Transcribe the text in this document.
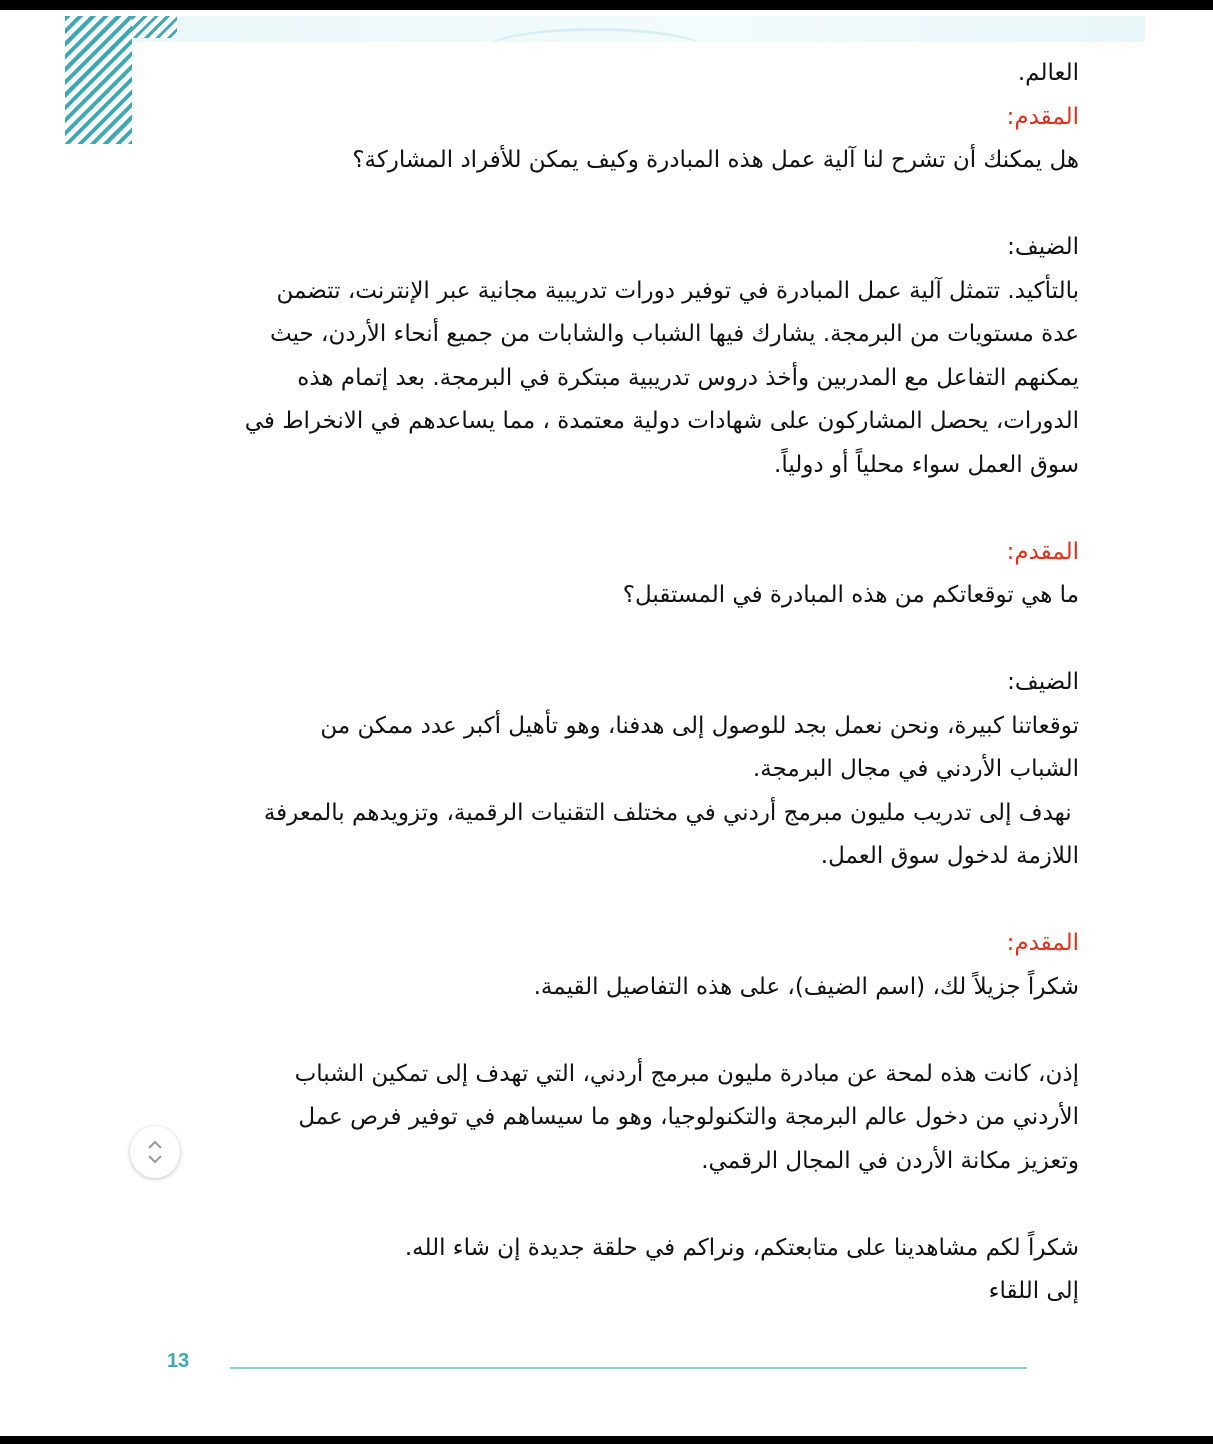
العالم.

المقدم:

هل يمكنك أن تشرح لنا آلية عمل هذه المبادرة وكيف يمكن للأفراد المشاركة؟

الضيف:

بالتأكيد. تتمثل آلية عمل المبادرة في توفير دورات تدريبية مجانية عبر الإنترنت، تتضمن

عدة مستويات من البرمجة. يشارك فيها الشباب والشابات من جميع أنحاء الأردن، حيث

يمكنهم التفاعل مع المدربين وأخذ دروس تدريبية مبتكرة في البرمجة. بعد إتمام هذه

الدورات، يحصل المشاركون على شهادات دولية معتمدة ، مما يساعدهم في الانخراط في

سوق العمل سواء محلياً أو دولياً.

المقدم:

ما هي توقعاتكم من هذه المبادرة في المستقبل؟

الضيف:

توقعاتنا كبيرة، ونحن نعمل بجد للوصول إلى هدفنا، وهو تأهيل أكبر عدد ممكن من

الشباب الأردني في مجال البرمجة.

نهدف إلى تدريب مليون مبرمج أردني في مختلف التقنيات الرقمية، وتزويدهم بالمعرفة

اللازمة لدخول سوق العمل.

المقدم:

شكراً جزيلاً لك، (اسم الضيف)، على هذه التفاصيل القيمة.

إذن، كانت هذه لمحة عن مبادرة مليون مبرمج أردني، التي تهدف إلى تمكين الشباب

الأردني من دخول عالم البرمجة والتكنولوجيا، وهو ما سيساهم في توفير فرص عمل

وتعزيز مكانة الأردن في المجال الرقمي.

شكراً لكم مشاهدينا على متابعتكم، ونراكم في حلقة جديدة إن شاء الله.

إلى اللقاء

13
